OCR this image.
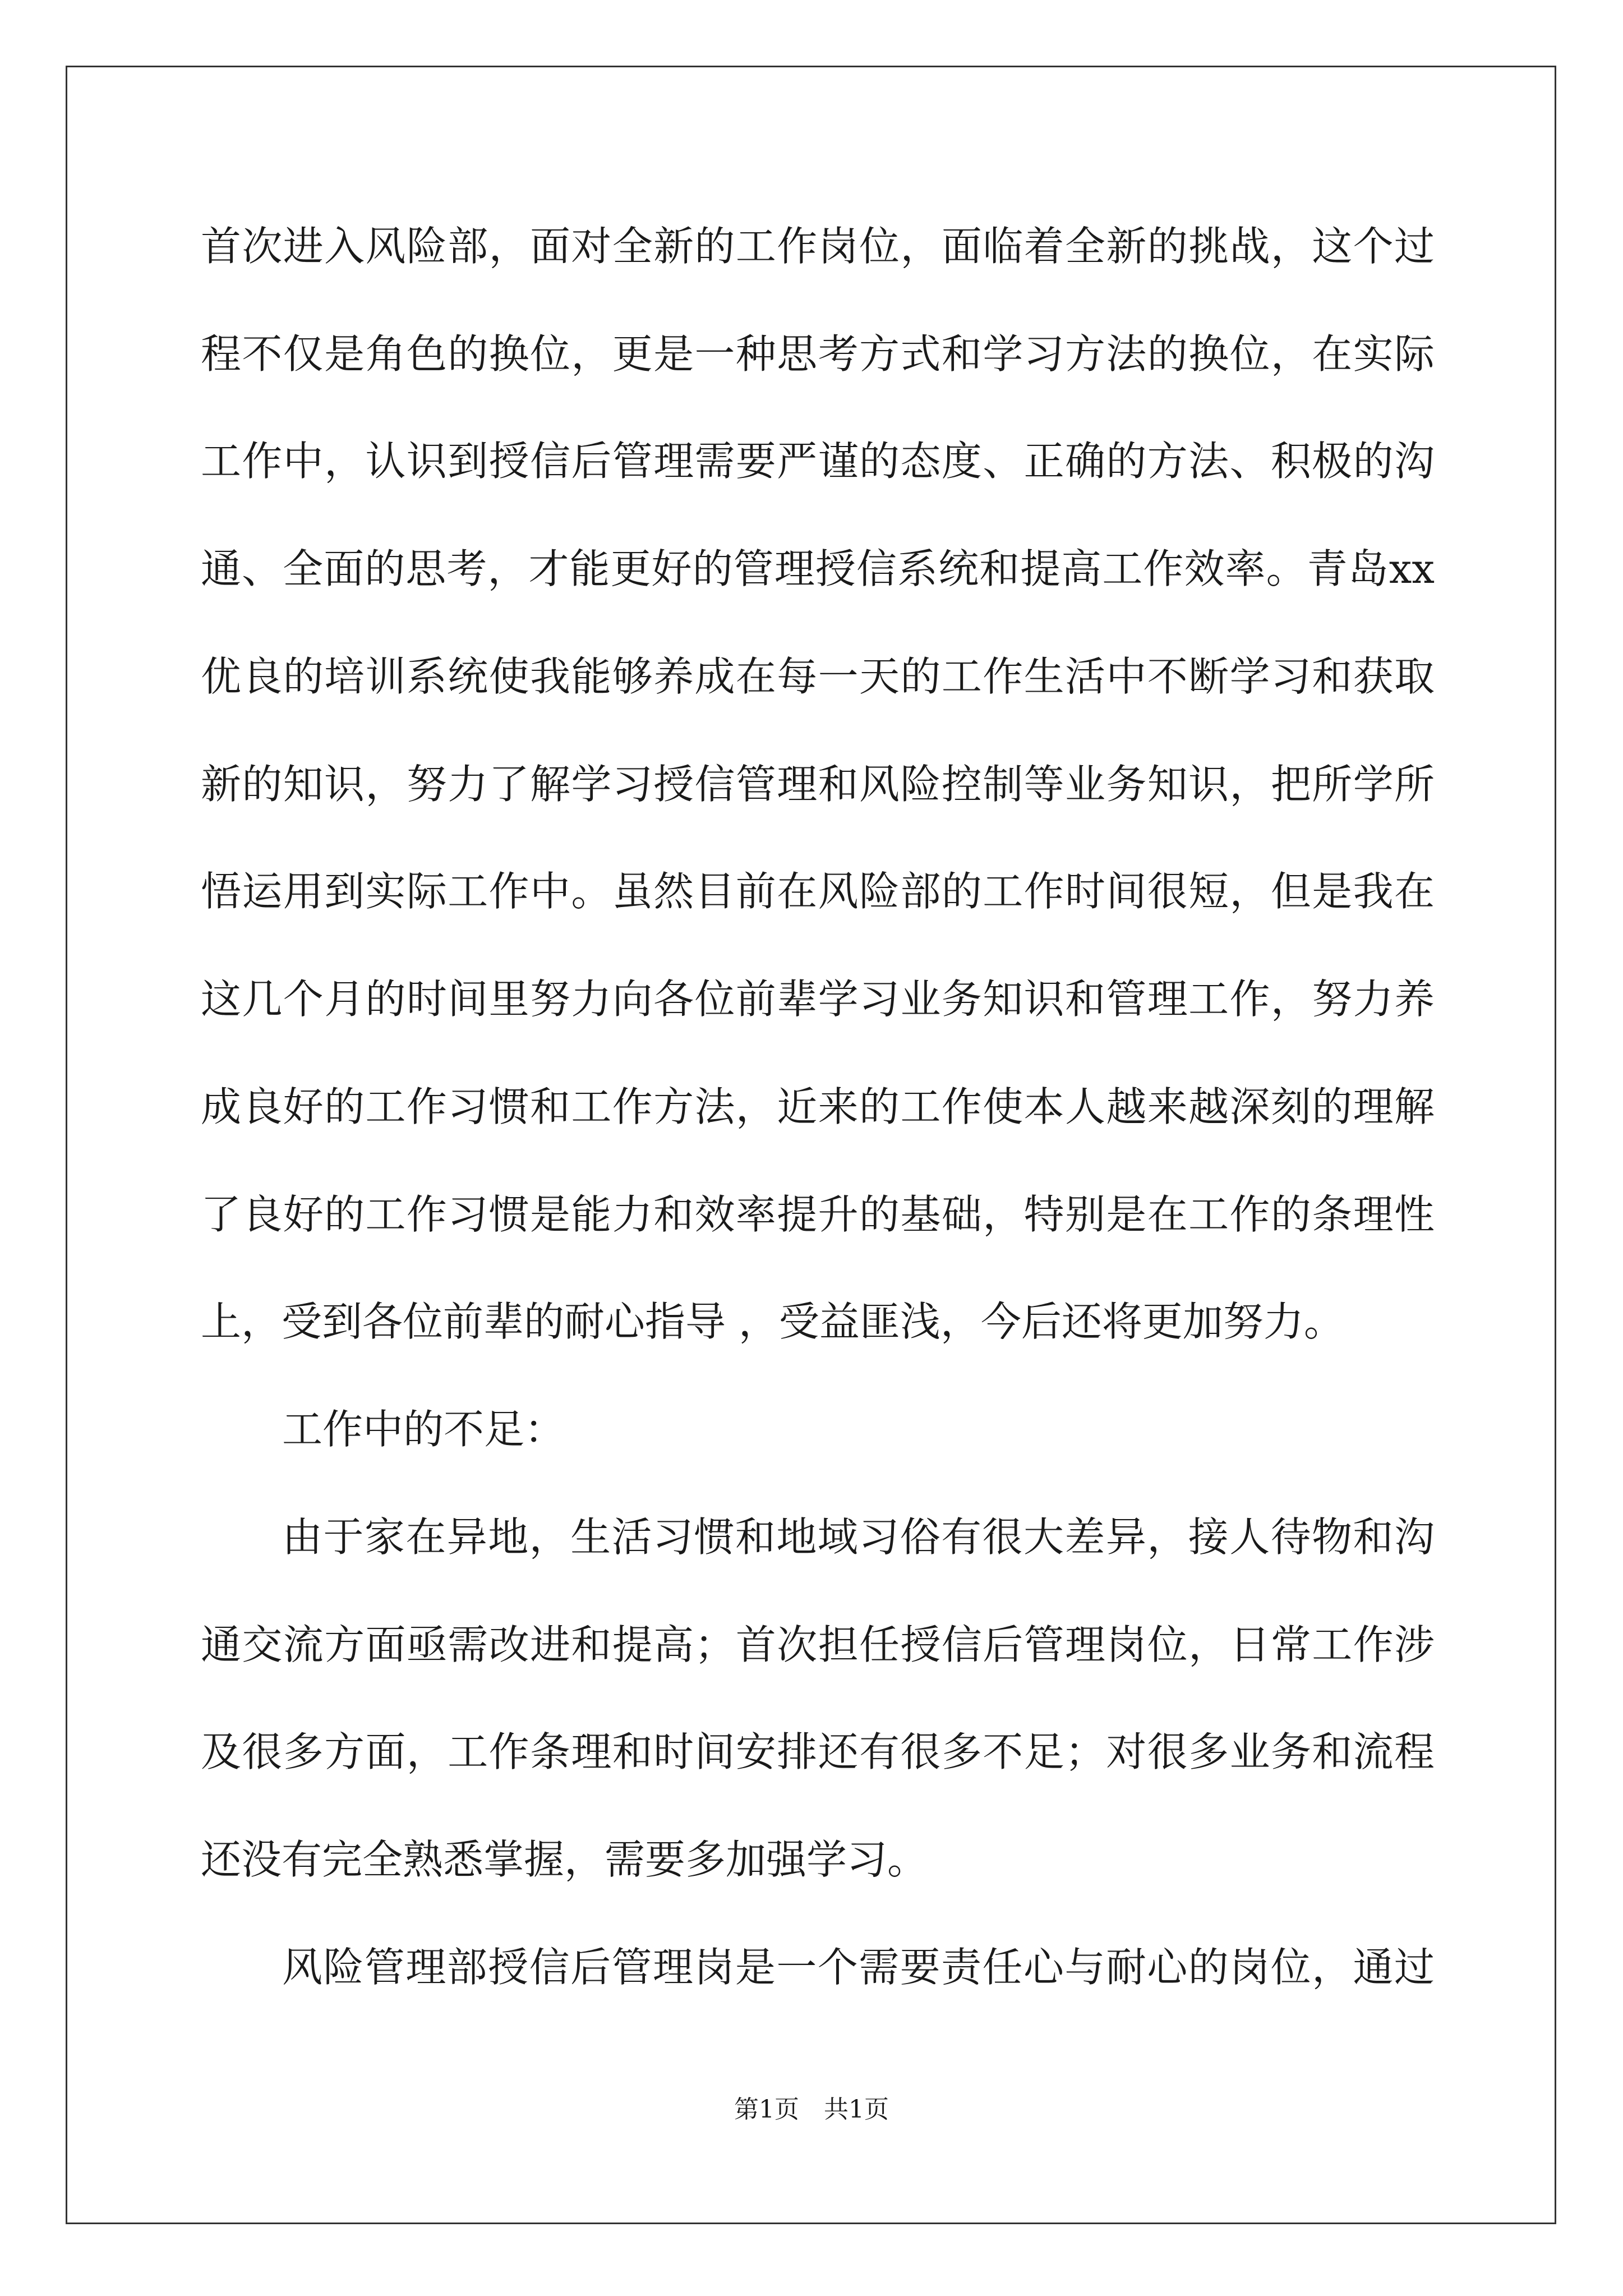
首次进入风险部，面对全新的工作岗位，面临着全新的挑战，这个过
程不仅是角色的换位，更是一种思考方式和学习方法的换位，在实际
工作中，认识到授信后管理需要严谨的态度、正确的方法、积极的沟
通、全面的思考，才能更好的管理授信系统和提高工作效率。青岛xx
优良的培训系统使我能够养成在每一天的工作生活中不断学习和获取
新的知识，努力了解学习授信管理和风险控制等业务知识，把所学所
悟运用到实际工作中。虽然目前在风险部的工作时间很短，但是我在
这几个月的时间里努力向各位前辈学习业务知识和管理工作，努力养
成良好的工作习惯和工作方法，近来的工作使本人越来越深刻的理解
了良好的工作习惯是能力和效率提升的基础，特别是在工作的条理性
上，受到各位前辈的耐心指导 ，受益匪浅，今后还将更加努力。
工作中的不足：
由于家在异地，生活习惯和地域习俗有很大差异，接人待物和沟
通交流方面亟需改进和提高；首次担任授信后管理岗位，日常工作涉
及很多方面，工作条理和时间安排还有很多不足；对很多业务和流程
还没有完全熟悉掌握，需要多加强学习。
风险管理部授信后管理岗是一个需要责任心与耐心的岗位，通过
第1页　共1页
